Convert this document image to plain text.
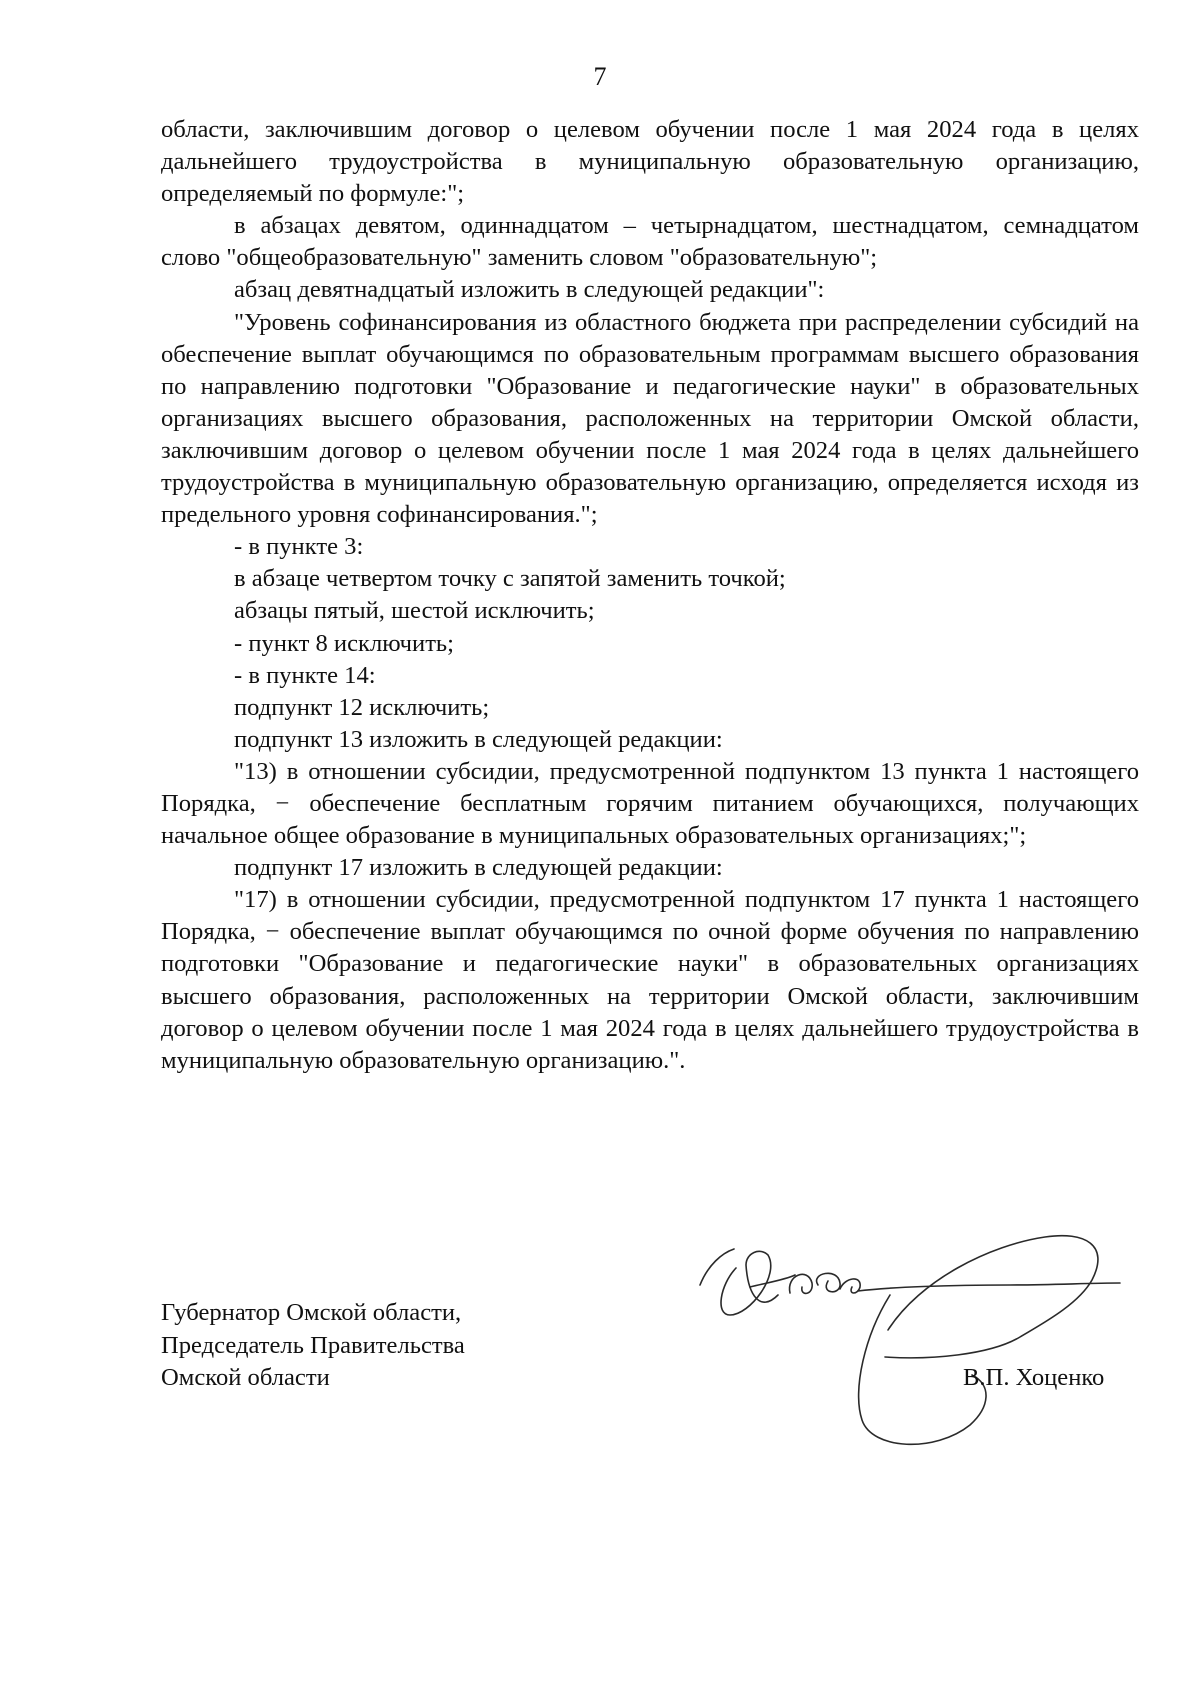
7

области, заключившим договор о целевом обучении после 1 мая 2024 года в целях дальнейшего трудоустройства в муниципальную образовательную организацию, определяемый по формуле:";

в абзацах девятом, одиннадцатом – четырнадцатом, шестнадцатом, семнадцатом слово "общеобразовательную" заменить словом "образовательную";

абзац девятнадцатый изложить в следующей редакции":

"Уровень софинансирования из областного бюджета при распределении субсидий на обеспечение выплат обучающимся по образовательным программам высшего образования по направлению подготовки "Образование и педагогические науки" в образовательных организациях высшего образования, расположенных на территории Омской области, заключившим договор о целевом обучении после 1 мая 2024 года в целях дальнейшего трудоустройства в муниципальную образовательную организацию, определяется исходя из предельного уровня софинансирования.";

- в пункте 3:

в абзаце четвертом точку с запятой заменить точкой;

абзацы пятый, шестой исключить;

- пункт 8 исключить;

- в пункте 14:

подпункт 12 исключить;

подпункт 13 изложить в следующей редакции:

"13) в отношении субсидии, предусмотренной подпунктом 13 пункта 1 настоящего Порядка, − обеспечение бесплатным горячим питанием обучающихся, получающих начальное общее образование в муниципальных образовательных организациях;";

подпункт 17 изложить в следующей редакции:

"17) в отношении субсидии, предусмотренной подпунктом 17 пункта 1 настоящего Порядка, − обеспечение выплат обучающимся по очной форме обучения по направлению подготовки "Образование и педагогические науки" в образовательных организациях высшего образования, расположенных на территории Омской области, заключившим договор о целевом обучении после 1 мая 2024 года в целях дальнейшего трудоустройства в муниципальную образовательную организацию.".

Губернатор Омской области,
Председатель Правительства
Омской области	В.П. Хоценко
